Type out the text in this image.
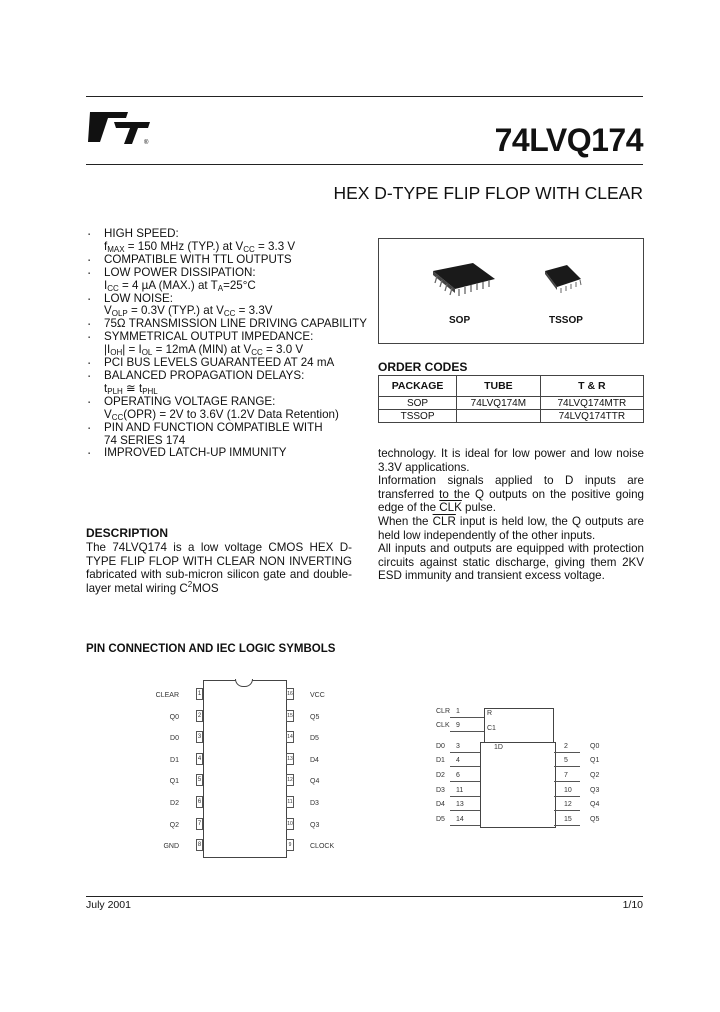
®	74LVQ174
HEX D-TYPE FLIP FLOP WITH CLEAR
▪ HIGH SPEED:
$f_{MAX} = 150$ MHz (TYP.) at $V_{CC} = 3.3$ V
▪ COMPATIBLE WITH TTL OUTPUTS
▪ LOW POWER DISSIPATION:
$I_{CC} = 4$ µA (MAX.) at $T_A=25^\circ C$
▪ LOW NOISE:
$V_{OLP} = 0.3V$ (TYP.) at $V_{CC} = 3.3V$
▪ 75Ω TRANSMISSION LINE DRIVING CAPABILITY
▪ SYMMETRICAL OUTPUT IMPEDANCE:
$|I_{OH}| = I_{OL} = 12mA$ (MIN) at $V_{CC} = 3.0$ V
▪ PCI BUS LEVELS GUARANTEED AT 24 mA
▪ BALANCED PROPAGATION DELAYS:
$t_{PLH}$ ≅ $t_{PHL}$
▪ OPERATING VOLTAGE RANGE:
$V_{CC}(OPR) = 2V$ to 3.6V (1.2V Data Retention)
▪ PIN AND FUNCTION COMPATIBLE WITH
74 SERIES 174
▪ IMPROVED LATCH-UP IMMUNITY
DESCRIPTION
The 74LVQ174 is a low voltage CMOS HEX D-TYPE FLIP FLOP WITH CLEAR NON INVERTING fabricated with sub-micron silicon gate and double-layer metal wiring $C^2MOS$
SOP	TSSOP
ORDER CODES
PACKAGE	TUBE	T & R
SOP	74LVQ174M	74LVQ174MTR
TSSOP		74LVQ174TTR
technology. It is ideal for low power and low noise 3.3V applications.
Information signals applied to D inputs are transferred to the Q outputs on the positive going edge of the $\overline{CLK}$ pulse.
When the $\overline{CLR}$ input is held low, the Q outputs are held low independently of the other inputs.
All inputs and outputs are equipped with protection circuits against static discharge, giving them 2KV ESD immunity and transient excess voltage.
PIN CONNECTION AND IEC LOGIC SYMBOLS
CLEAR	1
Q0	2
D0	3
D1	4
Q1	5
D2	6
Q2	7
GND	8
16 VCC
15 Q5
14 D5
13 D4
12 Q4
11 D3
10 Q3
9	CLOCK
R
C1
1D
CLR 1
CLK 9
D0 3
D1 4
D2 6
D3 11
D4 13
D5 14
2	Q0
5	Q1
7	Q2
10	Q3
12	Q4
15	Q5
July 2001	1/10
